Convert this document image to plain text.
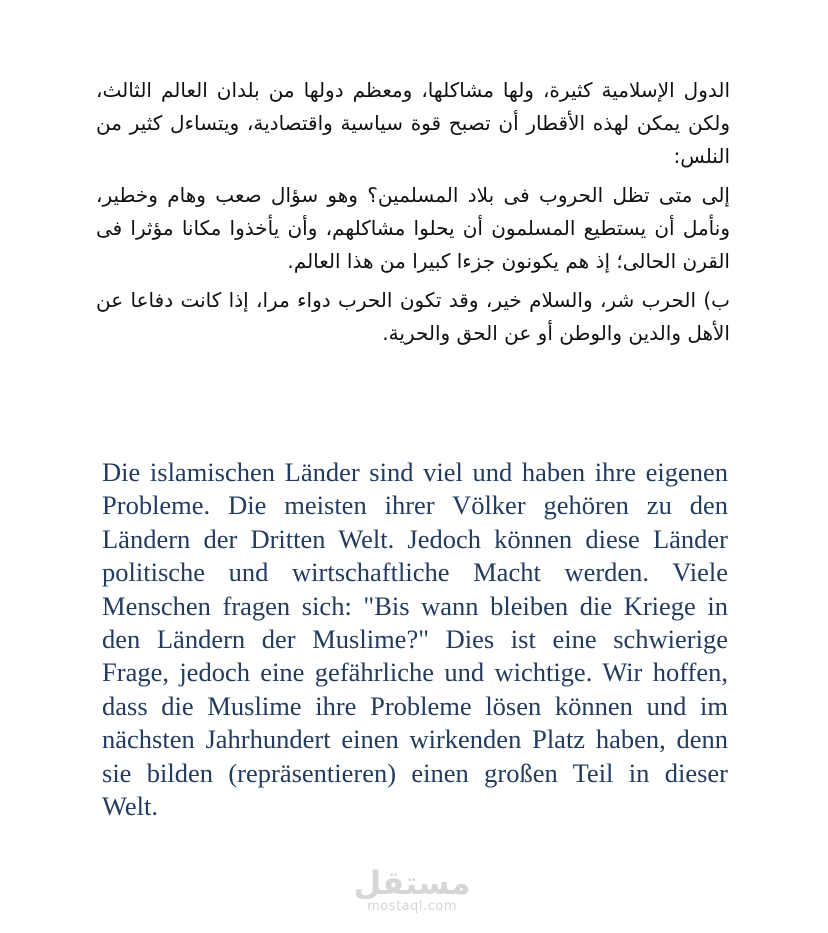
الدول الإسلامية كثيرة، ولها مشاكلها، ومعظم دولها من بلدان العالم الثالث، ولكن يمكن لهذه الأقطار أن تصبح قوة سياسية واقتصادية، ويتساءل كثير من النلس:

إلى متى تظل الحروب فى بلاد المسلمين؟ وهو سؤال صعب وهام وخطير، ونأمل أن يستطيع المسلمون أن يحلوا مشاكلهم، وأن يأخذوا مكانا مؤثرا فى القرن الحالى؛ إذ هم يكونون جزءا كبيرا من هذا العالم.

ب) الحرب شر، والسلام خير، وقد تكون الحرب دواء مرا، إذا كانت دفاعا عن الأهل والدين والوطن أو عن الحق والحرية.

Die islamischen Länder sind viel und haben ihre eigenen Probleme. Die meisten ihrer Völker gehören zu den Ländern der Dritten Welt. Jedoch können diese Länder politische und wirtschaftliche Macht werden. Viele Menschen fragen sich: "Bis wann bleiben die Kriege in den Ländern der Muslime?" Dies ist eine schwierige Frage, jedoch eine gefährliche und wichtige. Wir hoffen, dass die Muslime ihre Probleme lösen können und im nächsten Jahrhundert einen wirkenden Platz haben, denn sie bilden (repräsentieren) einen großen Teil in dieser Welt.

مستقل
mostaql.com
